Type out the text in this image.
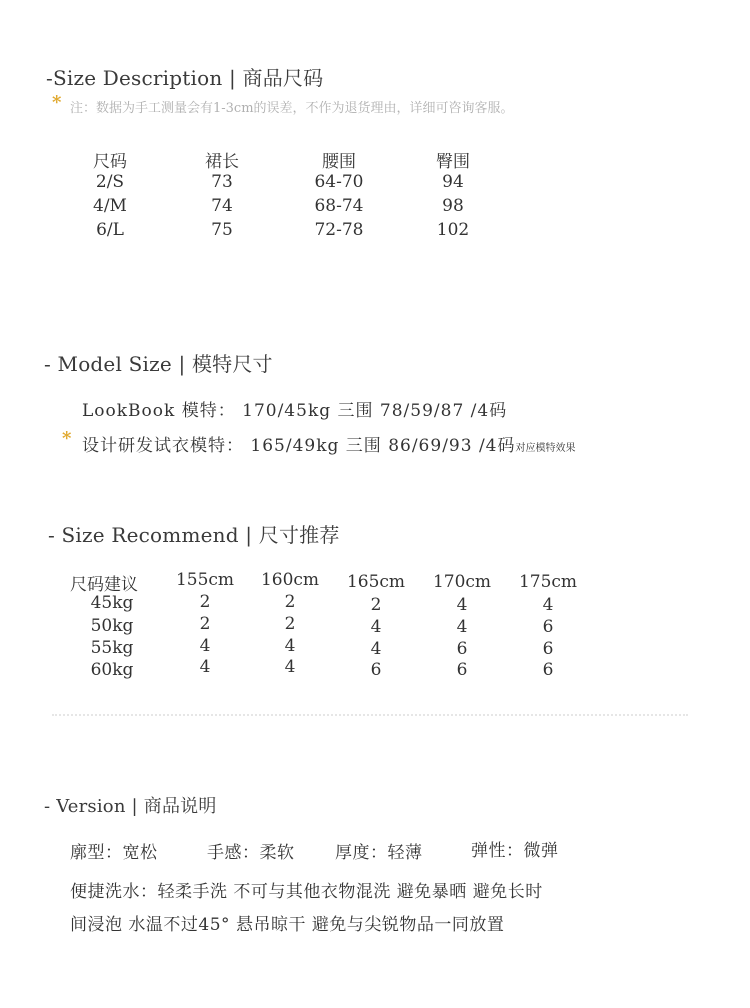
-Size Description | 商品尺码
* 注：数据为手工测量会有1-3cm的误差，不作为退货理由，详细可咨询客服。
尺码	裙长	腰围	臀围
2/S	73	64-70	94
4/M	74	68-74	98
6/L	75	72-78	102
- Model Size | 模特尺寸
LookBook 模特： 170/45kg 三围 78/59/87 /4码
* 设计研发试衣模特： 165/49kg 三围 86/69/93 /4码对应模特效果
- Size Recommend | 尺寸推荐
尺码建议	155cm	160cm	165cm	170cm	175cm
45kg	2	2	2	4	4
50kg	2	2	4	4	6
55kg	4	4	4	6	6
60kg	4	4	6	6	6
- Version | 商品说明
廓型：宽松	手感：柔软 厚度：轻薄	弹性：微弹
便捷洗水：轻柔手洗 不可与其他衣物混洗 避免暴晒 避免长时
间浸泡 水温不过45° 悬吊晾干 避免与尖锐物品一同放置
